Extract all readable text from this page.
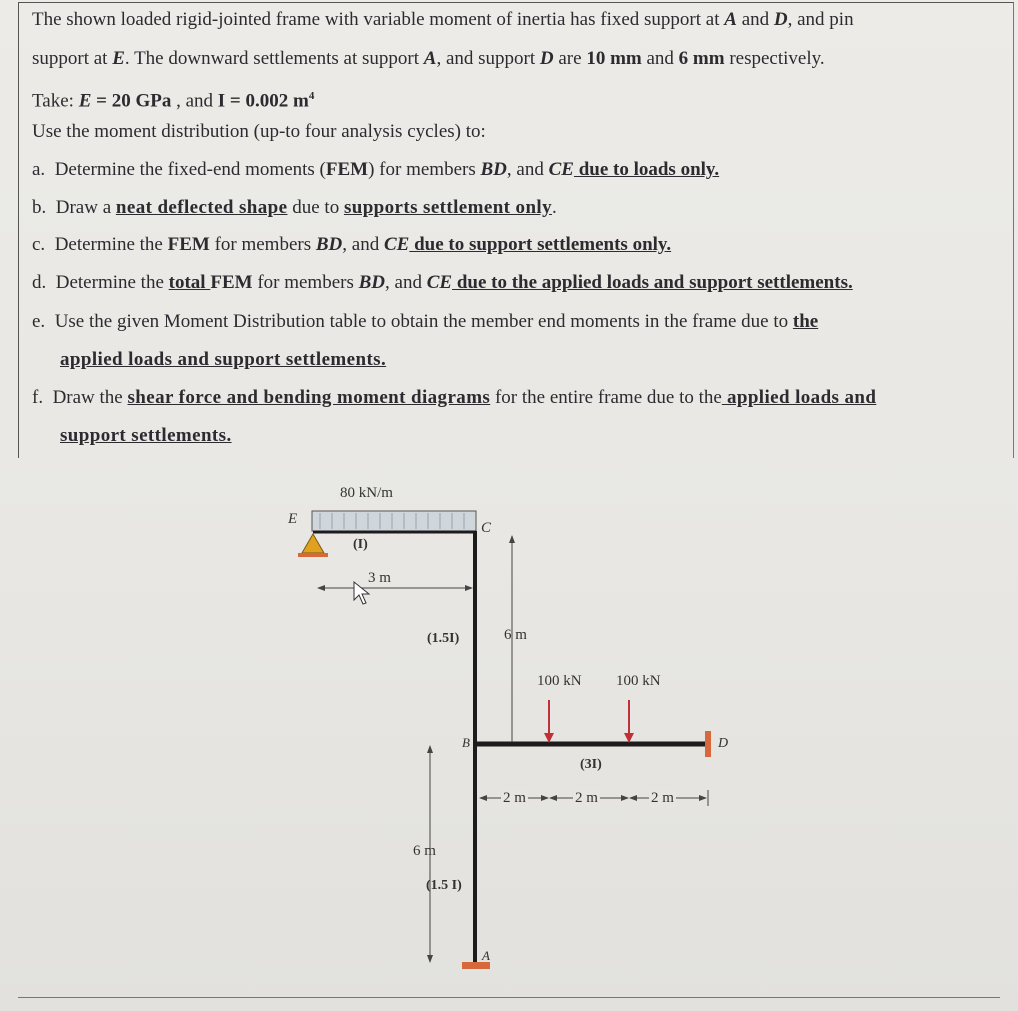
The shown loaded rigid-jointed frame with variable moment of inertia has fixed support at A and D, and pin
support at E. The downward settlements at support A, and support D are 10 mm and 6 mm respectively.
Take: E = 20 GPa , and I = 0.002 $m^4$
Use the moment distribution (up-to four analysis cycles) to:
a. Determine the fixed-end moments (FEM) for members BD, and CE due to loads only.
b. Draw a neat deflected shape due to supports settlement only.
c. Determine the FEM for members BD, and CE due to support settlements only.
d. Determine the total FEM for members BD, and CE due to the applied loads and support settlements.
e. Use the given Moment Distribution table to obtain the member end moments in the frame due to the
applied loads and support settlements.
f. Draw the shear force and bending moment diagrams for the entire frame due to the applied loads and
support settlements.
80 kN/m
E
C
(I)
3 m
(1.5I)	6 m
100 kN 100 kN
B	D
(3I)
2 m	2 m	2 m
6 m
(1.5 I)
A
